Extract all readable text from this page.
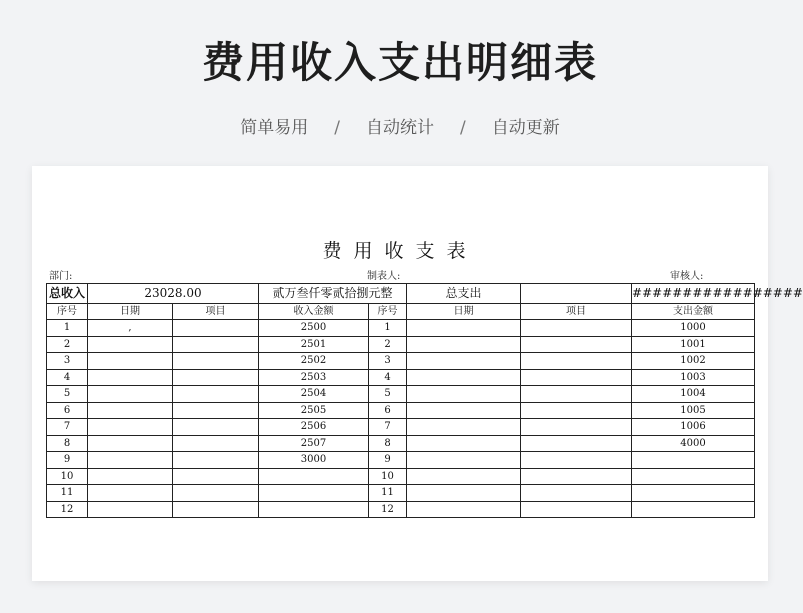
费用收入支出明细表
简单易用 / 自动统计 / 自动更新
费用收支表
部门:	制表人:	审核人:
总收入	23028.00		贰万叁仟零贰拾捌元整		总支出		#################
序号	日期	项目	收入金额	序号	日期	项目	支出金额
1	,		2500	1			1000
2			2501	2			1001
3			2502	3			1002
4			2503	4			1003
5			2504	5			1004
6			2505	6			1005
7			2506	7			1006
8			2507	8			4000
9			3000	9			
10				10			
11				11			
12				12			
